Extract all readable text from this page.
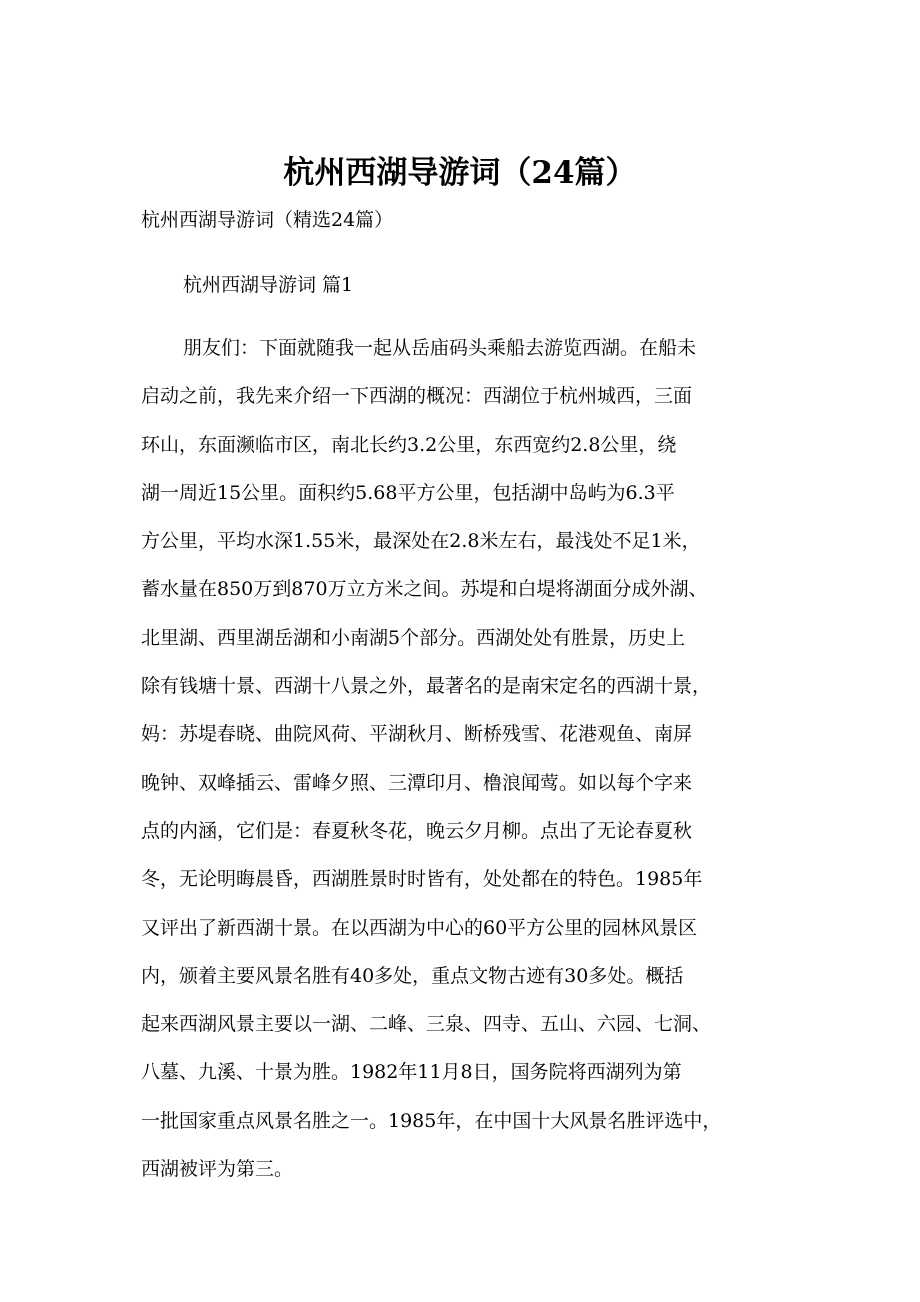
杭州西湖导游词（24篇）

杭州西湖导游词（精选24篇）

杭州西湖导游词 篇1

朋友们：下面就随我一起从岳庙码头乘船去游览西湖。在船未
启动之前，我先来介绍一下西湖的概况：西湖位于杭州城西，三面
环山，东面濒临市区，南北长约3.2公里，东西宽约2.8公里，绕
湖一周近15公里。面积约5.68平方公里，包括湖中岛屿为6.3平
方公里，平均水深1.55米，最深处在2.8米左右，最浅处不足1米，
蓄水量在850万到870万立方米之间。苏堤和白堤将湖面分成外湖、
北里湖、西里湖岳湖和小南湖5个部分。西湖处处有胜景，历史上
除有钱塘十景、西湖十八景之外，最著名的是南宋定名的西湖十景，
妈：苏堤春晓、曲院风荷、平湖秋月、断桥残雪、花港观鱼、南屏
晚钟、双峰插云、雷峰夕照、三潭印月、橹浪闻莺。如以每个字来
点的内涵，它们是：春夏秋冬花，晚云夕月柳。点出了无论春夏秋
冬，无论明晦晨昏，西湖胜景时时皆有，处处都在的特色。1985年
又评出了新西湖十景。在以西湖为中心的60平方公里的园林风景区
内，颁着主要风景名胜有40多处，重点文物古迹有30多处。概括
起来西湖风景主要以一湖、二峰、三泉、四寺、五山、六园、七洞、
八墓、九溪、十景为胜。1982年11月8日，国务院将西湖列为第
一批国家重点风景名胜之一。1985年，在中国十大风景名胜评选中，
西湖被评为第三。
